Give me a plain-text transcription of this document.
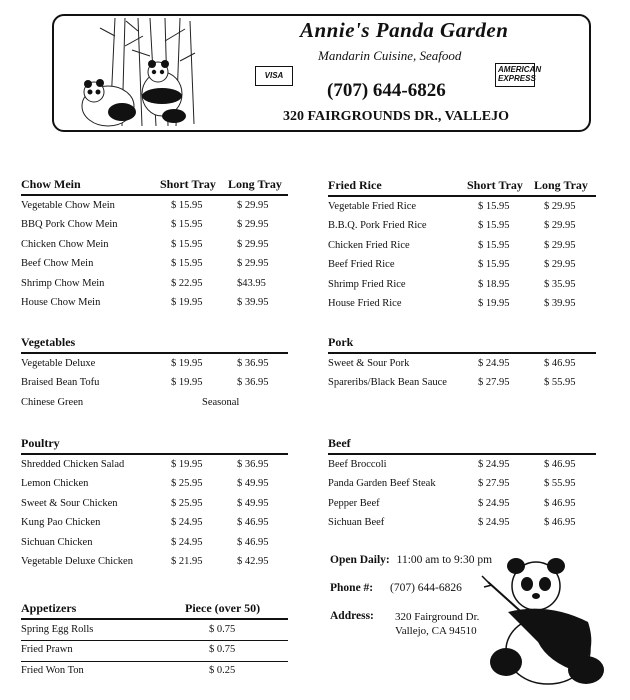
Annie's Panda Garden
Mandarin Cuisine, Seafood
VISA
(707) 644-6826
AMERICAN
EXPRESS
320 FAIRGROUNDS DR., VALLEJO
Chow Mein	Short Tray Long Tray
Vegetable Chow Mein	$ 15.95	$ 29.95
BBQ Pork Chow Mein	$ 15.95	$ 29.95
Chicken Chow Mein	$ 15.95	$ 29.95
Beef Chow Mein	$ 15.95	$ 29.95
Shrimp Chow Mein	$ 22.95	$43.95
House Chow Mein	$ 19.95	$ 39.95
Fried Rice	Short Tray Long Tray
Vegetable Fried Rice	$ 15.95	$ 29.95
B.B.Q. Pork Fried Rice	$ 15.95	$ 29.95
Chicken Fried Rice	$ 15.95	$ 29.95
Beef Fried Rice	$ 15.95	$ 29.95
Shrimp Fried Rice	$ 18.95	$ 35.95
House Fried Rice	$ 19.95	$ 39.95
Vegetables
Vegetable Deluxe	$ 19.95	$ 36.95
Braised Bean Tofu	$ 19.95	$ 36.95
Chinese Green	Seasonal
Pork
Sweet & Sour Pork	$ 24.95	$ 46.95
Spareribs/Black Bean Sauce	$ 27.95	$ 55.95
Poultry
Shredded Chicken Salad	$ 19.95	$ 36.95
Lemon Chicken	$ 25.95	$ 49.95
Sweet & Sour Chicken	$ 25.95	$ 49.95
Kung Pao Chicken	$ 24.95	$ 46.95
Sichuan Chicken	$ 24.95	$ 46.95
Vegetable Deluxe Chicken	$ 21.95	$ 42.95
Beef
Beef Broccoli	$ 24.95	$ 46.95
Panda Garden Beef Steak	$ 27.95	$ 55.95
Pepper Beef	$ 24.95	$ 46.95
Sichuan Beef	$ 24.95	$ 46.95
Appetizers	Piece (over 50)
Spring Egg Rolls	$ 0.75
Fried Prawn	$ 0.75
Fried Won Ton	$ 0.25
Open Daily: 11:00 am to 9:30 pm
Phone #: (707) 644-6826
Address: 320 Fairground Dr.
Vallejo, CA 94510
